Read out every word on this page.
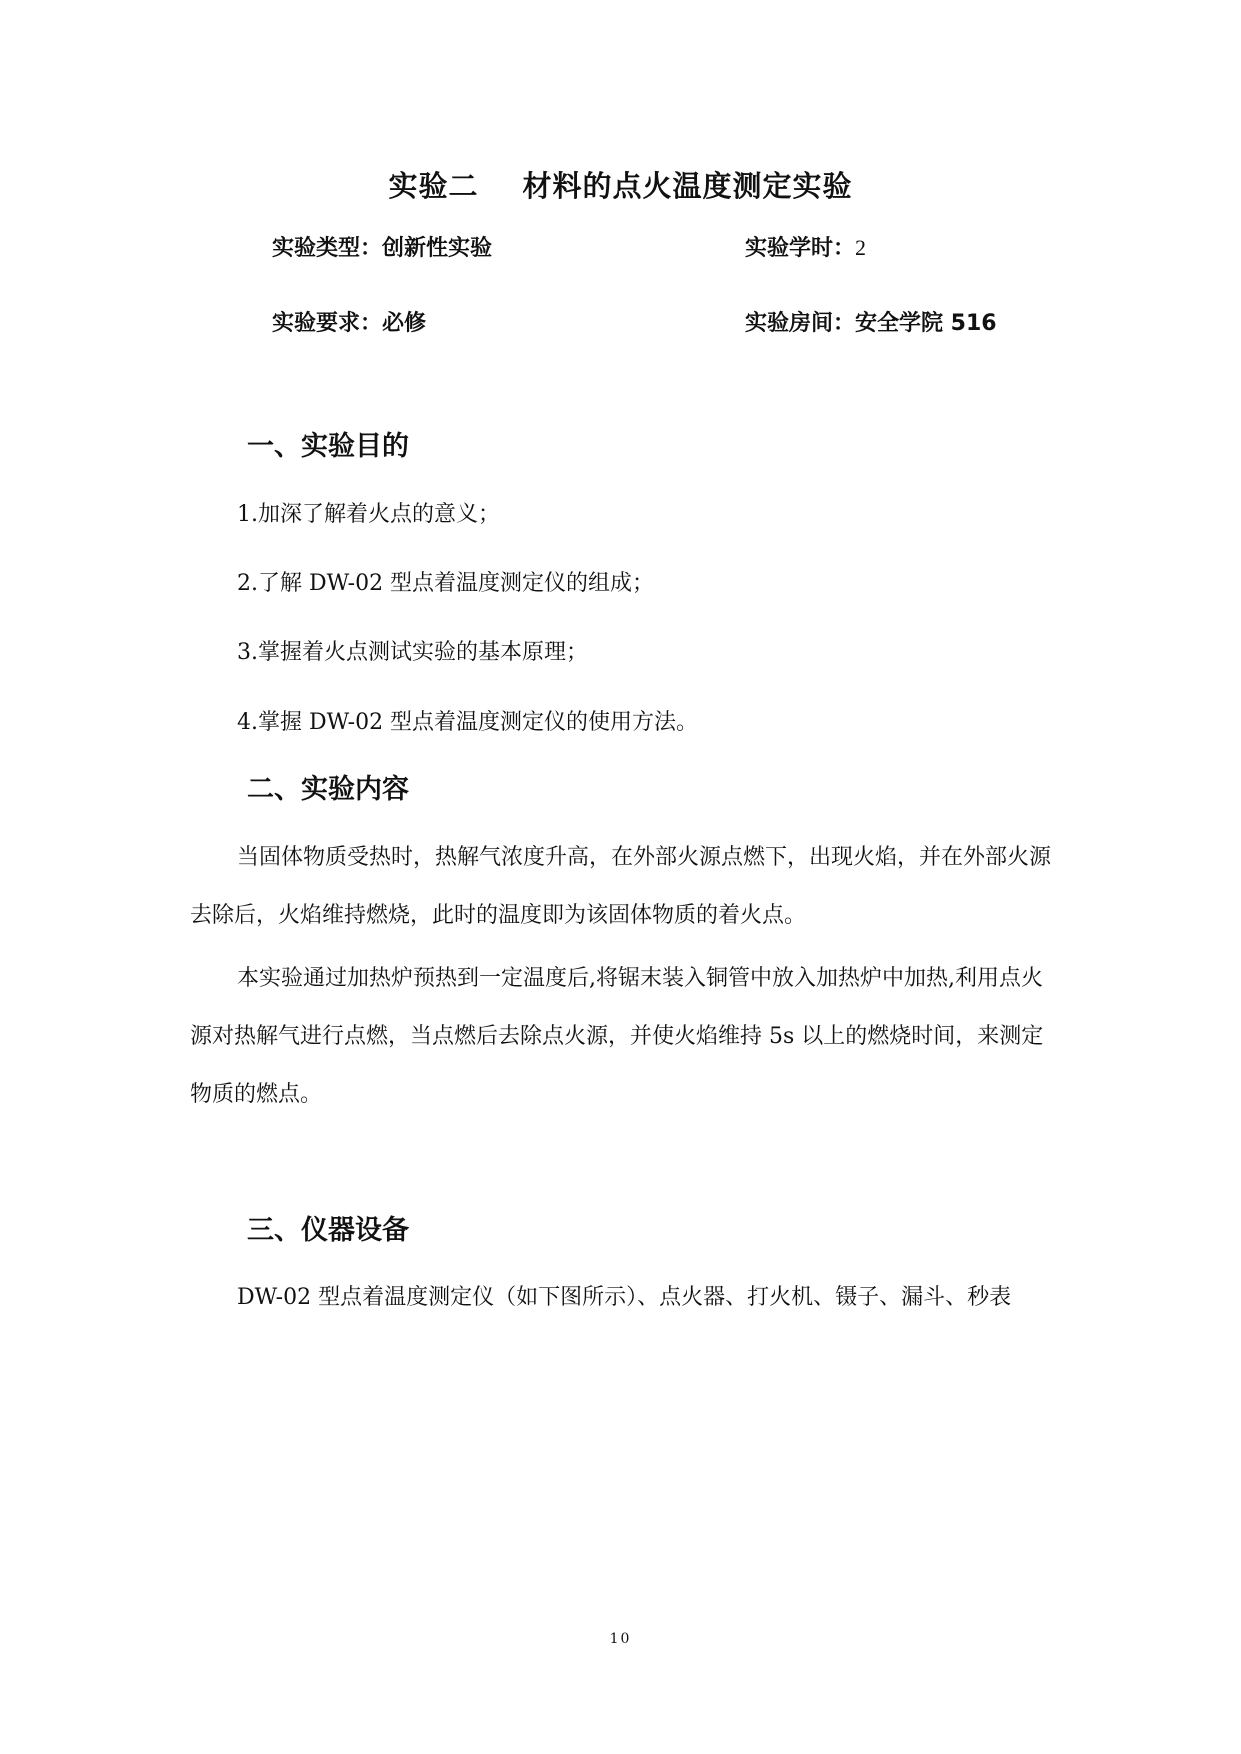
实验二 材料的点火温度测定实验
实验类型：创新性实验	实验学时：2
实验要求：必修	实验房间：安全学院 516
一、实验目的
1.加深了解着火点的意义；
2.了解 DW-02 型点着温度测定仪的组成；
3.掌握着火点测试实验的基本原理；
4.掌握 DW-02 型点着温度测定仪的使用方法。
二、实验内容
当固体物质受热时，热解气浓度升高，在外部火源点燃下，出现火焰，并在外部火源去除后，火焰维持燃烧，此时的温度即为该固体物质的着火点。
本实验通过加热炉预热到一定温度后,将锯末装入铜管中放入加热炉中加热,利用点火源对热解气进行点燃，当点燃后去除点火源，并使火焰维持 5s 以上的燃烧时间，来测定物质的燃点。
三、仪器设备
DW-02 型点着温度测定仪（如下图所示）、点火器、打火机、镊子、漏斗、秒表
10
